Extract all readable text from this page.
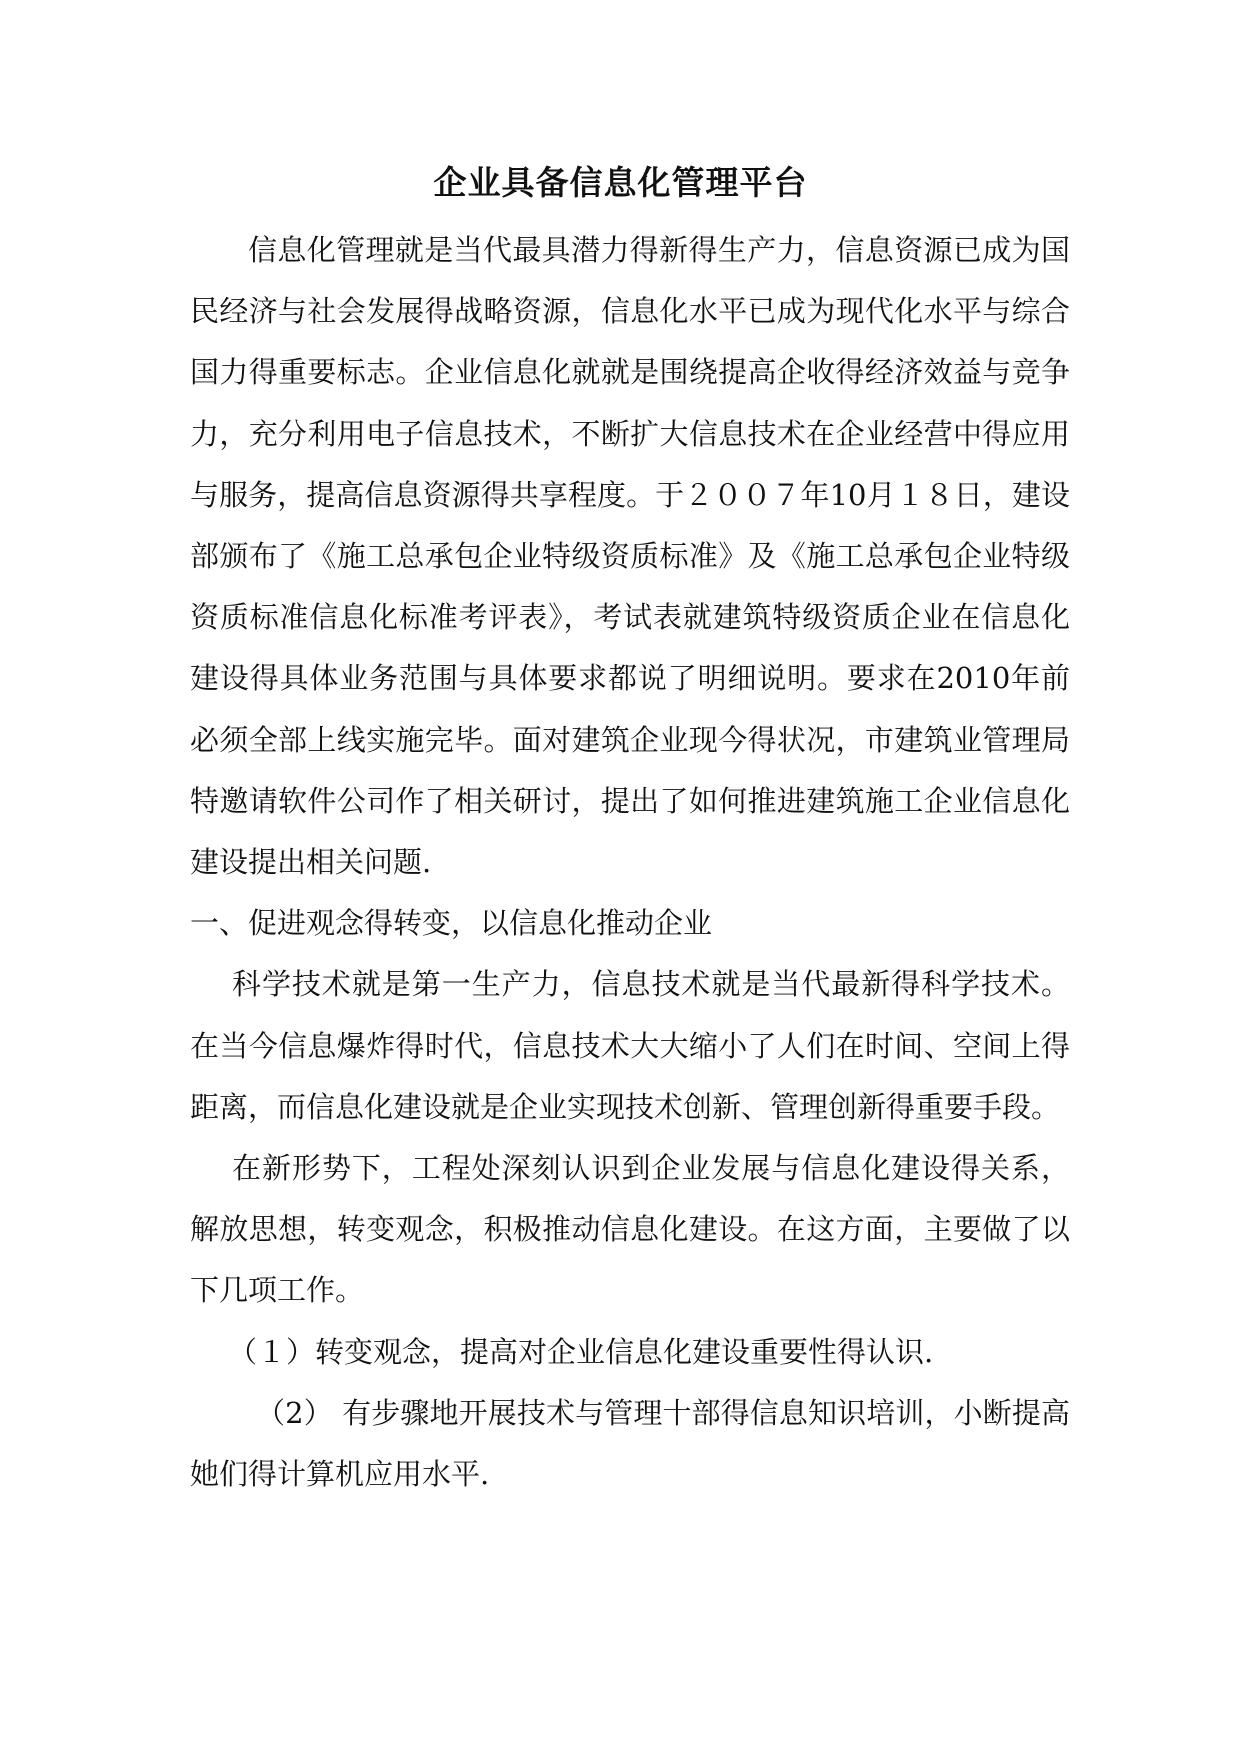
企业具备信息化管理平台

信息化管理就是当代最具潜力得新得生产力，信息资源已成为国民经济与社会发展得战略资源，信息化水平已成为现代化水平与综合国力得重要标志。企业信息化就就是围绕提高企收得经济效益与竞争力，充分利用电子信息技术，不断扩大信息技术在企业经营中得应用与服务，提高信息资源得共享程度。于２００７年10月１８日，建设部颁布了《施工总承包企业特级资质标准》及《施工总承包企业特级资质标准信息化标准考评表》，考试表就建筑特级资质企业在信息化建设得具体业务范围与具体要求都说了明细说明。要求在2010年前必须全部上线实施完毕。面对建筑企业现今得状况，市建筑业管理局特邀请软件公司作了相关研讨，提出了如何推进建筑施工企业信息化建设提出相关问题.

一、促进观念得转变，以信息化推动企业

科学技术就是第一生产力，信息技术就是当代最新得科学技术。在当今信息爆炸得时代，信息技术大大缩小了人们在时间、空间上得距离，而信息化建设就是企业实现技术创新、管理创新得重要手段。

在新形势下，工程处深刻认识到企业发展与信息化建设得关系，解放思想，转变观念，积极推动信息化建设。在这方面，主要做了以下几项工作。

（１）转变观念，提高对企业信息化建设重要性得认识.

（2） 有步骤地开展技术与管理十部得信息知识培训，小断提高她们得计算机应用水平.
